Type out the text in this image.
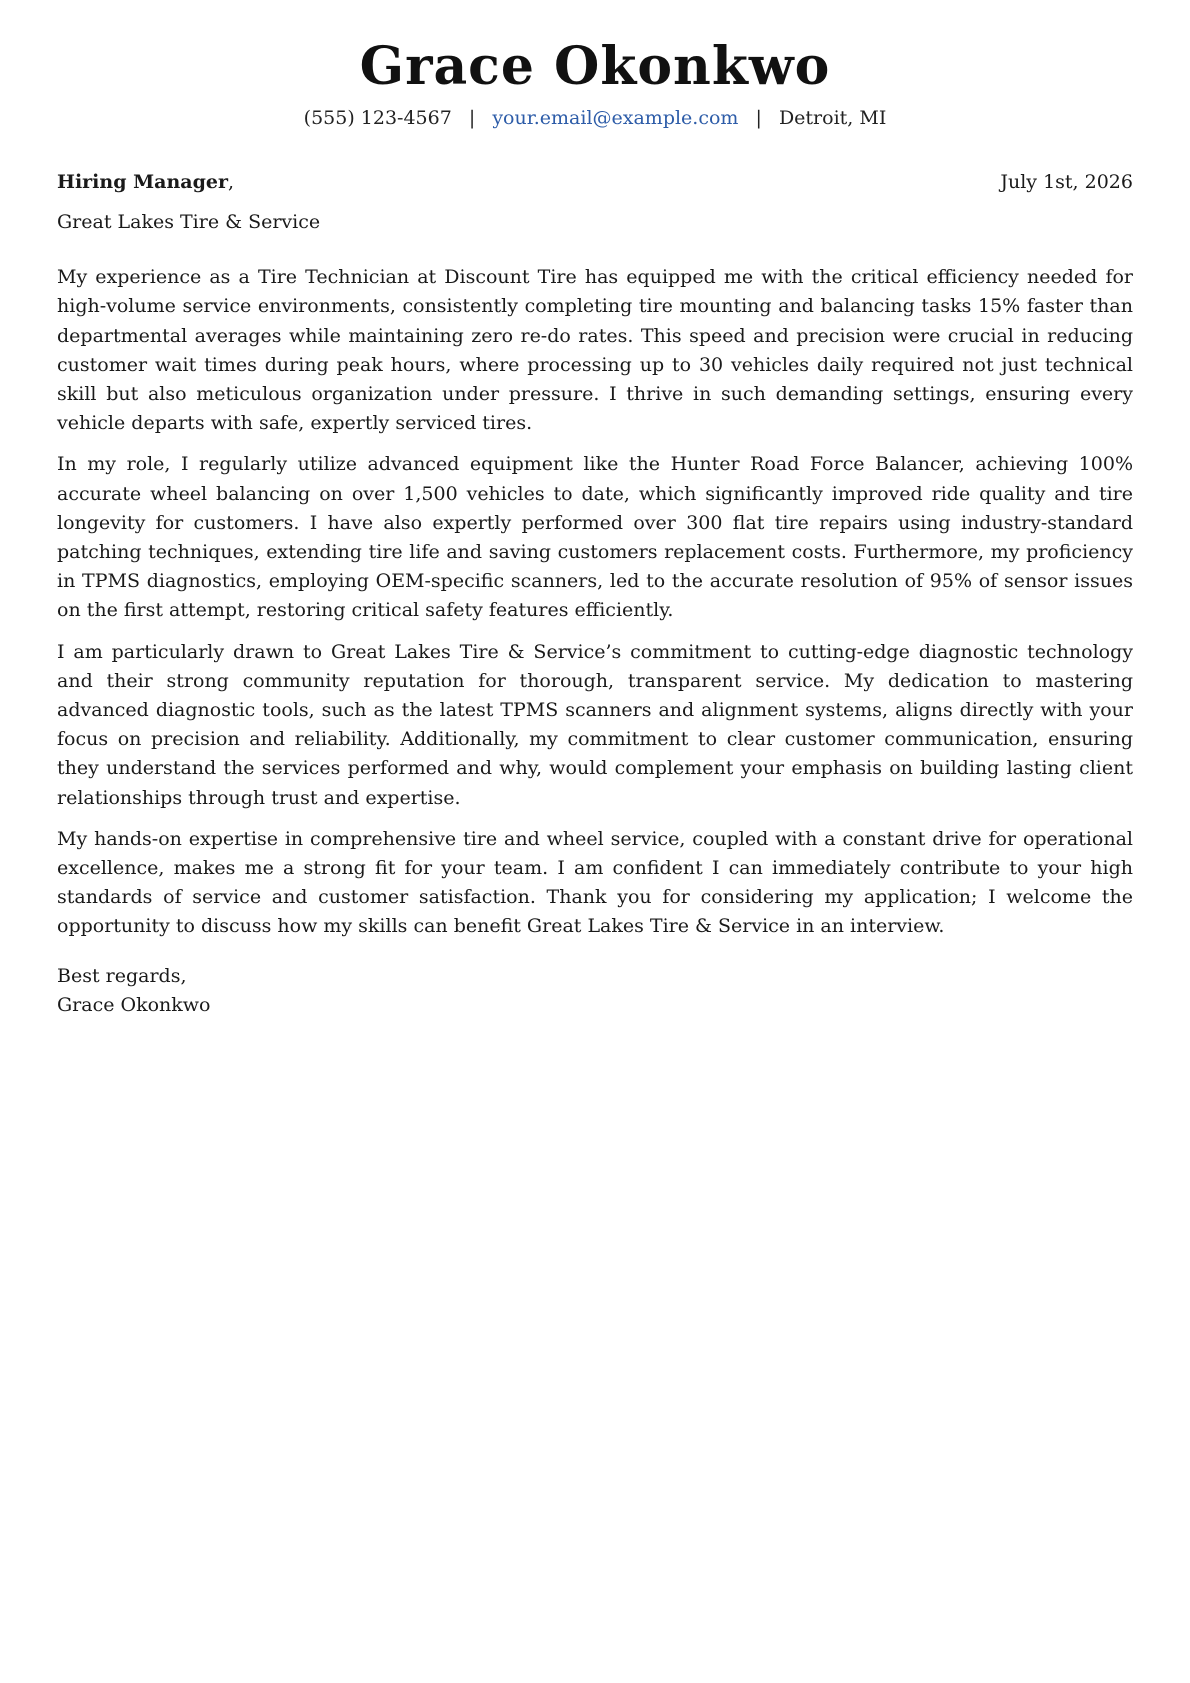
Grace Okonkwo
(555) 123-4567 | your.email@example.com | Detroit, MI
Hiring Manager,	July 1st, 2026
Great Lakes Tire & Service

My experience as a Tire Technician at Discount Tire has equipped me with the critical efficiency needed for high-volume service environments, consistently completing tire mounting and balancing tasks 15% faster than departmental averages while maintaining zero re-do rates. This speed and precision were crucial in reducing customer wait times during peak hours, where processing up to 30 vehicles daily required not just technical skill but also meticulous organization under pressure. I thrive in such demanding settings, ensuring every vehicle departs with safe, expertly serviced tires.

In my role, I regularly utilize advanced equipment like the Hunter Road Force Balancer, achieving 100% accurate wheel balancing on over 1,500 vehicles to date, which significantly improved ride quality and tire longevity for customers. I have also expertly performed over 300 flat tire repairs using industry-standard patching techniques, extending tire life and saving customers replacement costs. Furthermore, my proficiency in TPMS diagnostics, employing OEM-specific scanners, led to the accurate resolution of 95% of sensor issues on the first attempt, restoring critical safety features efficiently.

I am particularly drawn to Great Lakes Tire & Service’s commitment to cutting-edge diagnostic technology and their strong community reputation for thorough, transparent service. My dedication to mastering advanced diagnostic tools, such as the latest TPMS scanners and alignment systems, aligns directly with your focus on precision and reliability. Additionally, my commitment to clear customer communication, ensuring they understand the services performed and why, would complement your emphasis on building lasting client relationships through trust and expertise.

My hands-on expertise in comprehensive tire and wheel service, coupled with a constant drive for operational excellence, makes me a strong fit for your team. I am confident I can immediately contribute to your high standards of service and customer satisfaction. Thank you for considering my application; I welcome the opportunity to discuss how my skills can benefit Great Lakes Tire & Service in an interview.

Best regards,
Grace Okonkwo
